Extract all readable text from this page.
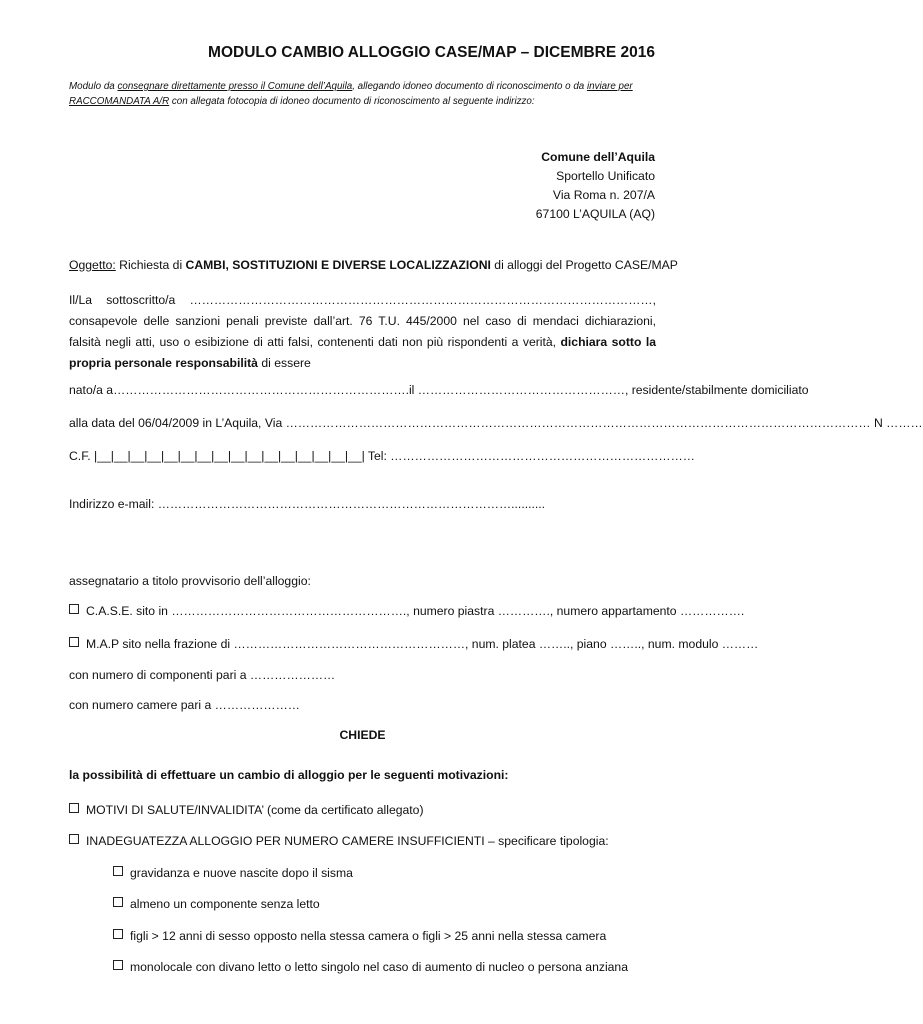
MODULO CAMBIO ALLOGGIO CASE/MAP – DICEMBRE 2016
Modulo da consegnare direttamente presso il Comune dell’Aquila, allegando idoneo documento di riconoscimento o da inviare per RACCOMANDATA A/R con allegata fotocopia di idoneo documento di riconoscimento al seguente indirizzo:
Comune dell’Aquila
Sportello Unificato
Via Roma n. 207/A
67100 L’AQUILA (AQ)
Oggetto: Richiesta di CAMBI, SOSTITUZIONI E DIVERSE LOCALIZZAZIONI di alloggi del Progetto CASE/MAP
Il/La sottoscritto/a ……………………………………………………………………………………………………, consapevole delle sanzioni penali previste dall’art. 76 T.U. 445/2000 nel caso di mendaci dichiarazioni, falsità negli atti, uso o esibizione di atti falsi, contenenti dati non più rispondenti a verità, dichiara sotto la propria personale responsabilità di essere
nato/a a ………………………………………………………………. il ……………………………………………, residente/stabilmente domiciliato
alla data del 06/04/2009 in L’Aquila, Via ……………………………………………………………………………………………………………………………… N ………
C.F. |__|__|__|__|__|__|__|__|__|__|__|__|__|__|__|__| Tel: …………………………………………………………………
Indirizzo e-mail: ……………………………………………………………………………..........
assegnatario a titolo provvisorio dell’alloggio:
C.A.S.E. sito in …………………………………………………., numero piastra …………., numero appartamento …………….
M.A.P sito nella frazione di …………………………………………………, num. platea …….., piano …….., num. modulo ………
con numero di componenti pari a …………………
con numero camere pari a …………………
CHIEDE
la possibilità di effettuare un cambio di alloggio per le seguenti motivazioni:
MOTIVI DI SALUTE/INVALIDITA’ (come da certificato allegato)
INADEGUATEZZA ALLOGGIO PER NUMERO CAMERE INSUFFICIENTI – specificare tipologia:
gravidanza e nuove nascite dopo il sisma
almeno un componente senza letto
figli > 12 anni di sesso opposto nella stessa camera o figli > 25 anni nella stessa camera
monolocale con divano letto o letto singolo nel caso di aumento di nucleo o persona anziana
